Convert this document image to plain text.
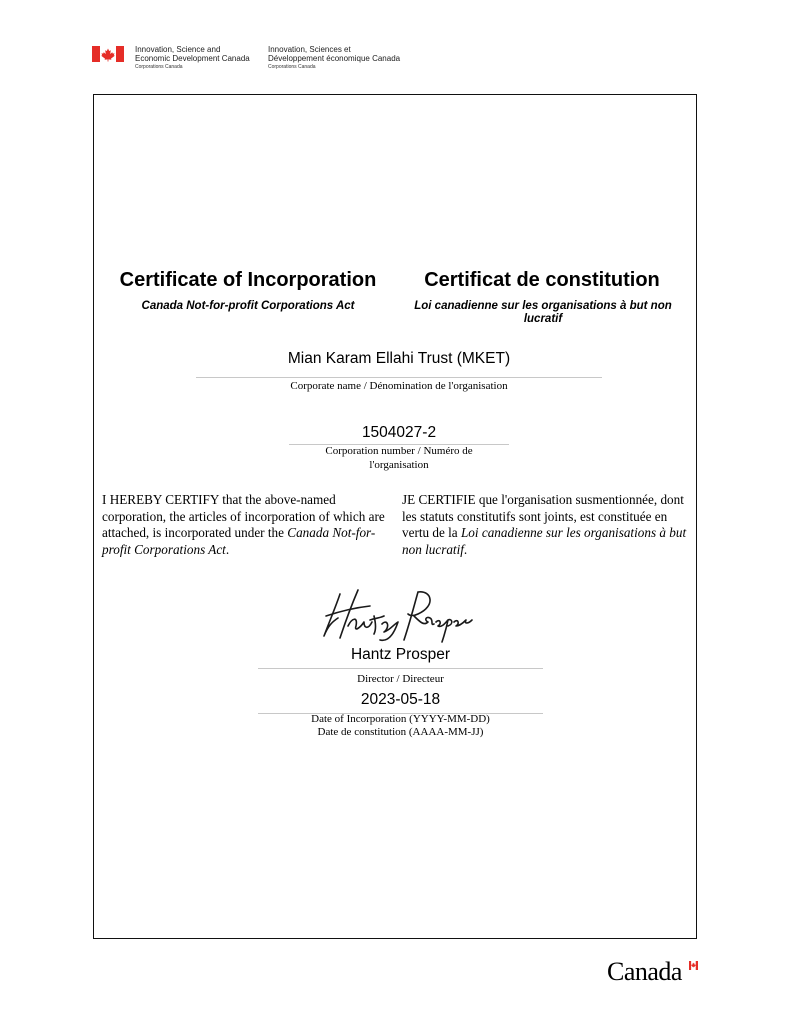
Innovation, Science and
Economic Development Canada
Corporations Canada
Innovation, Sciences et
Développement économique Canada
Corporations Canada
Certificate of Incorporation	Certificat de constitution
Canada Not-for-profit Corporations Act	Loi canadienne sur les organisations à but non lucratif
Mian Karam Ellahi Trust (MKET)
Corporate name / Dénomination de l'organisation
1504027-2
Corporation number / Numéro de
l'organisation
I HEREBY CERTIFY that the above-named corporation, the articles of incorporation of which are attached, is incorporated under the Canada Not-for-profit Corporations Act.
JE CERTIFIE que l'organisation susmentionnée, dont les statuts constitutifs sont joints, est constituée en vertu de la Loi canadienne sur les organisations à but non lucratif.
Hantz Prosper
Director / Directeur
2023-05-18
Date of Incorporation (YYYY-MM-DD)
Date de constitution (AAAA-MM-JJ)
Canada
